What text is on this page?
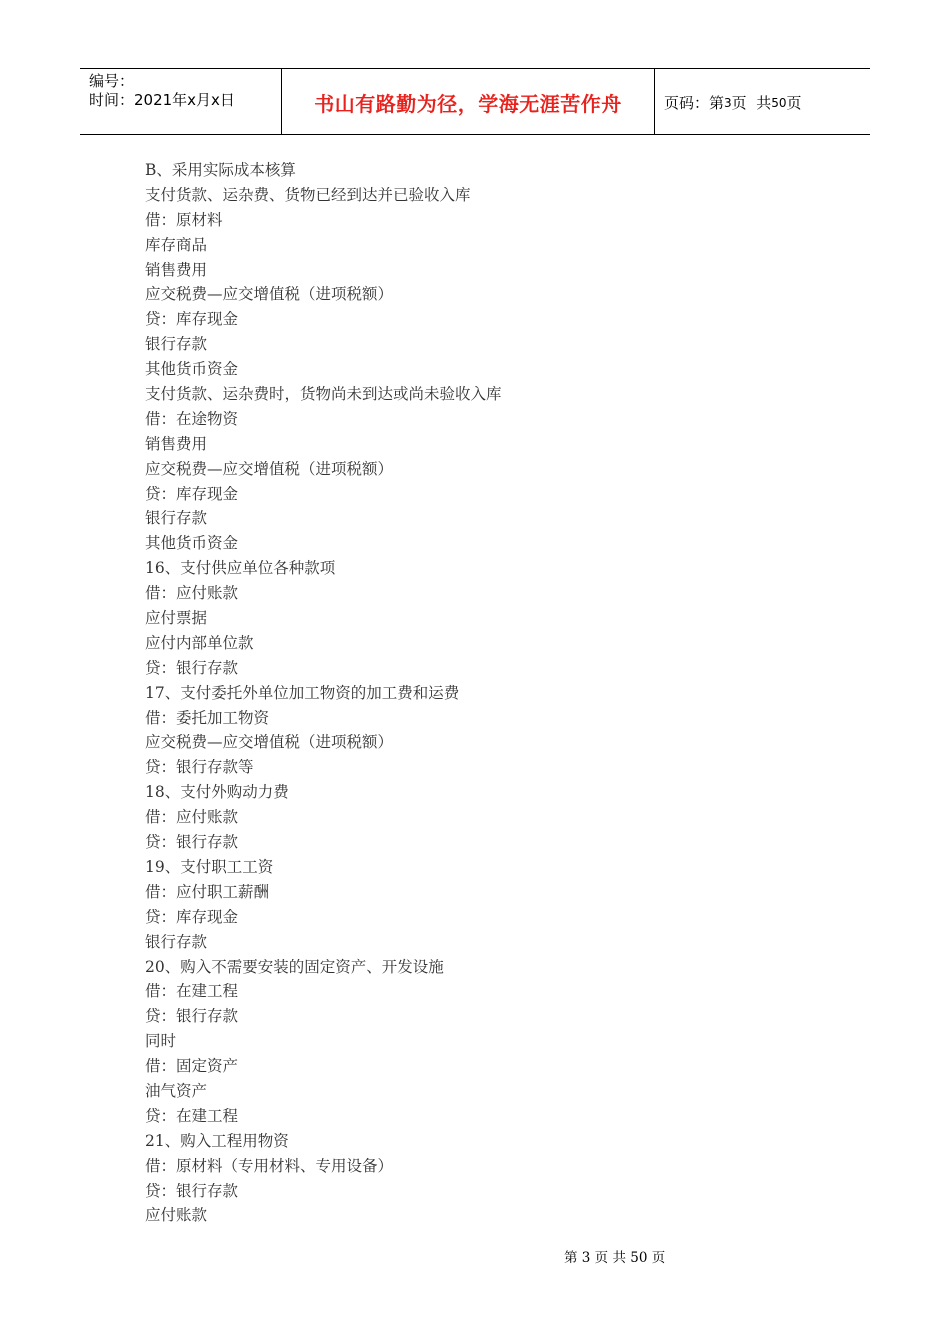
编号：
时间：2021年x月x日	书山有路勤为径，学海无涯苦作舟	页码：第 3 页  共 50 页
B、采用实际成本核算
支付货款、运杂费、货物已经到达并已验收入库
借：原材料
库存商品
销售费用
应交税费—应交增值税（进项税额）
贷：库存现金
银行存款
其他货币资金
支付货款、运杂费时，货物尚未到达或尚未验收入库
借：在途物资
销售费用
应交税费—应交增值税（进项税额）
贷：库存现金
银行存款
其他货币资金
16、支付供应单位各种款项
借：应付账款
应付票据
应付内部单位款
贷：银行存款
17、支付委托外单位加工物资的加工费和运费
借：委托加工物资
应交税费—应交增值税（进项税额）
贷：银行存款等
18、支付外购动力费
借：应付账款
贷：银行存款
19、支付职工工资
借：应付职工薪酬
贷：库存现金
银行存款
20、购入不需要安装的固定资产、开发设施
借：在建工程
贷：银行存款
同时
借：固定资产
油气资产
贷：在建工程
21、购入工程用物资
借：原材料（专用材料、专用设备）
贷：银行存款
应付账款
第 3 页 共 50 页
